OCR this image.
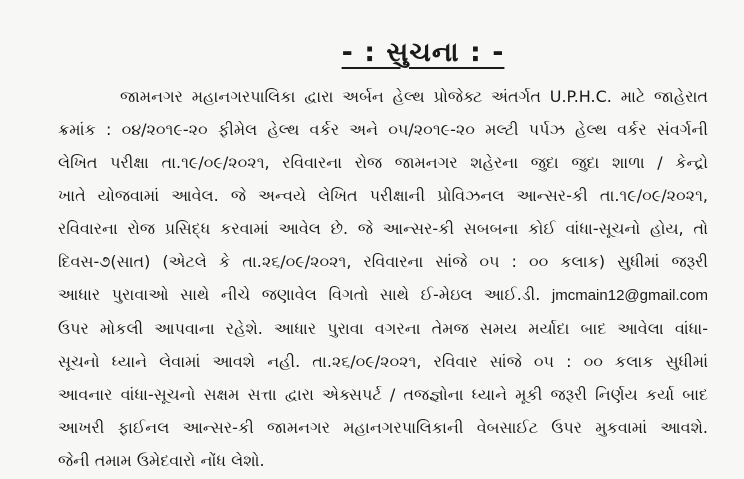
- : સુચના : -
જામનગર મહાનગરપાલિકા દ્વારા અર્બન હેલ્થ પ્રોજેક્ટ અંતર્ગત U.P.H.C. માટે જાહેરાત
ક્રમાંક : ૦૪/૨૦૧૯-૨૦ ફીમેલ હેલ્થ વર્કર અને ૦૫/૨૦૧૯-૨૦ મલ્ટી પર્પઝ હેલ્થ વર્કર સંવર્ગની
લેખિત પરીક્ષા તા.૧૯/૦૯/૨૦૨૧, રવિવારના રોજ જામનગર શહેરના જુદા જુદા શાળા / કેન્દ્રો
ખાતે યોજવામાં આવેલ. જે અન્વયે લેખિત પરીક્ષાની પ્રોવિઝનલ આન્સર-કી તા.૧૯/૦૯/૨૦૨૧,
રવિવારના રોજ પ્રસિદ્ધ કરવામાં આવેલ છે. જે આન્સર-કી સબબના કોઈ વાંધા-સૂચનો હોય, તો
દિવસ-૭(સાત) (એટલે કે તા.૨૬/૦૯/૨૦૨૧, રવિવારના સાંજે ૦૫ : ૦૦ કલાક) સુધીમાં જરૂરી
આધાર પુરાવાઓ સાથે નીચે જણાવેલ વિગતો સાથે ઈ-મેઇલ આઈ.ડી. jmcmain12@gmail.com
ઉપર મોકલી આપવાના રહેશે. આધાર પુરાવા વગરના તેમજ સમય મર્યાદા બાદ આવેલા વાંધા-
સૂચનો ધ્યાને લેવામાં આવશે નહી. તા.૨૬/૦૯/૨૦૨૧, રવિવાર સાંજે ૦૫ : ૦૦ કલાક સુધીમાં
આવનાર વાંધા-સૂચનો સક્ષમ સત્તા દ્વારા એક્સપર્ટ / તજજ્ઞોના ધ્યાને મૂકી જરૂરી નિર્ણય કર્યા બાદ
આખરી ફાઈનલ આન્સર-કી જામનગર મહાનગરપાલિકાની વેબસાઈટ ઉપર મુકવામાં આવશે.
જેની તમામ ઉમેદવારો નોંધ લેશો.
